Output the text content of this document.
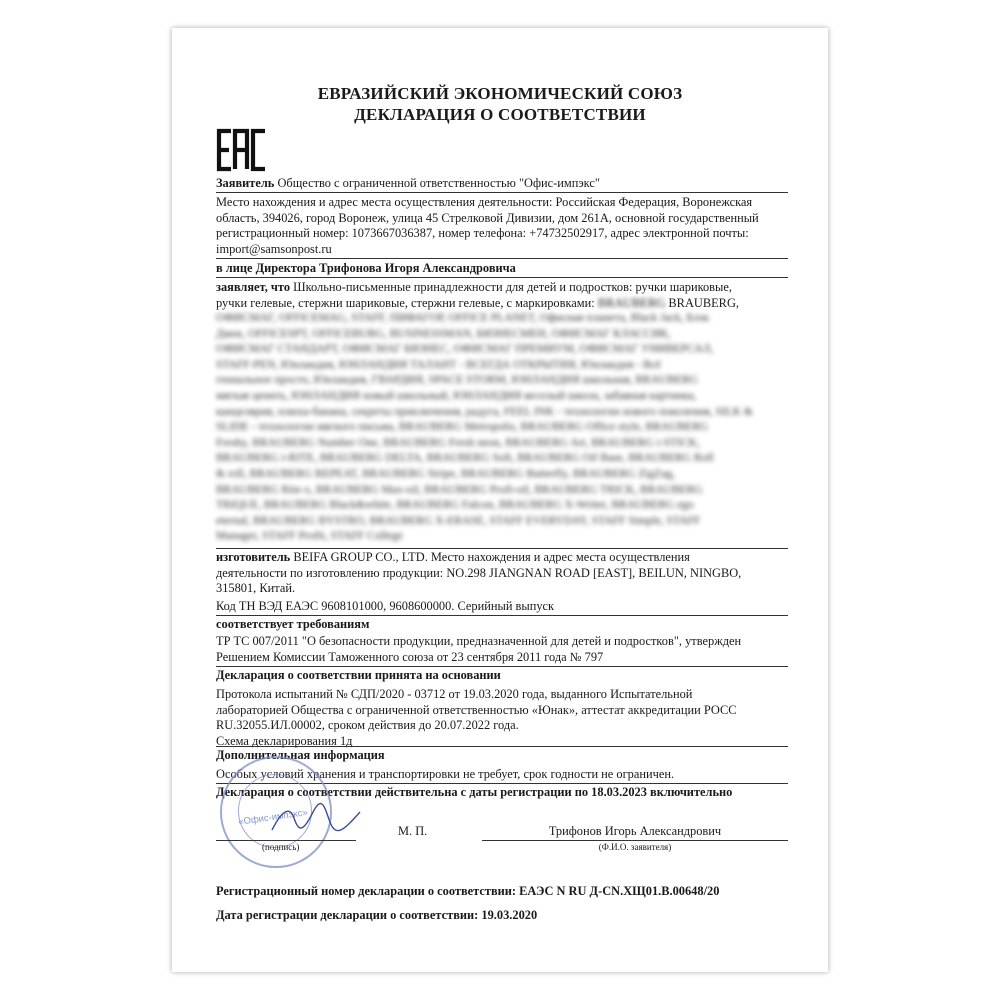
ЕВРАЗИЙСКИЙ ЭКОНОМИЧЕСКИЙ СОЮЗ
ДЕКЛАРАЦИЯ О СООТВЕТСТВИИ
Заявитель Общество с ограниченной ответственностью "Офис-импэкс"
Место нахождения и адрес места осуществления деятельности: Российская Федерация, Воронежская
область, 394026, город Воронеж, улица 45 Стрелковой Дивизии, дом 261А, основной государственный
регистрационный номер: 1073667036387, номер телефона: +74732502917, адрес электронной почты:
import@samsonpost.ru
в лице Директора Трифонова Игоря Александровича
заявляет, что Школьно-письменные принадлежности для детей и подростков: ручки шариковые,
ручки гелевые, стержни шариковые, стержни гелевые, с маркировками: BRAUBERG BRAUBERG,
ОФИСМАГ, OFFICEMAG, STAFF, ПИФАГОР, OFFICE PLANET, Офисная планета, Black Jack, Блэк
Джек, OFFICESPT, OFFICEBURG, BUSINESSMAN, БИЗНЕСМЕН, ОФИСМАГ КЛАССИК,
ОФИСМАГ СТАНДАРТ, ОФИСМАГ БИЗНЕС, ОФИСМАГ ПРЕМИУМ, ОФИСМАГ УНИВЕРСАЛ,
STAFF-PEN, Юнландия, ЮНЛАНДИЯ ТАЛАНТ - ВСЕГДА ОТКРЫТИЯ, Юнландия - Всё
гениальное просто, Юнландия, ГВАРДИЯ, SPACE STORM, ЮНЛАНДИЯ школьная, BRAUBERG
мягкая ценить, ЮНЛАНДИЯ новый школьный, ЮНЛАНДИЯ веселый школа, забавная картинка,
канцелярия, плюха-банана, секреты приключения, радуга, FEEL INK - технологии нового поколения, SILK &
SLIDE - технологии мягкого письма, BRAUBERG Metropolis, BRAUBERG Office style, BRAUBERG
Freshy, BRAUBERG Number One, BRAUBERG Fresh neon, BRAUBERG Art, BRAUBERG i-STICK,
BRAUBERG i-RITE, BRAUBERG DELTA, BRAUBERG Soft, BRAUBERG Oil Base, BRAUBERG Roll
& roll, BRAUBERG REPEAT, BRAUBERG Stripe, BRAUBERG Butterfly, BRAUBERG ZigZag,
BRAUBERG Rite-x, BRAUBERG Max-oil, BRAUBERG Profi-oil, BRAUBERG TRICK, BRAUBERG
TRIQUE, BRAUBERG Black&white, BRAUBERG Falcon, BRAUBERG X-Writer, BRAUBERG ego
eternal, BRAUBERG BYSTRO, BRAUBERG X-ERASE, STAFF EVERYDAY, STAFF Simple, STAFF
Manager, STAFF Profit, STAFF College
изготовитель BEIFA GROUP CO., LTD. Место нахождения и адрес места осуществления
деятельности по изготовлению продукции: NO.298 JIANGNAN ROAD [EAST], BEILUN, NINGBO,
315801, Китай.
Код ТН ВЭД ЕАЭС 9608101000, 9608600000. Серийный выпуск
соответствует требованиям
ТР ТС 007/2011 "О безопасности продукции, предназначенной для детей и подростков", утвержден
Решением Комиссии Таможенного союза от 23 сентября 2011 года № 797
Декларация о соответствии принята на основании
Протокола испытаний № СДП/2020 - 03712 от 19.03.2020 года, выданного Испытательной
лабораторией Общества с ограниченной ответственностью «Юнак», аттестат аккредитации РОСС
RU.32055.ИЛ.00002, сроком действия до 20.07.2022 года.
Схема декларирования 1д
Дополнительная информация
Особых условий хранения и транспортировки не требует, срок годности не ограничен.
Декларация о соответствии действительна с даты регистрации по 18.03.2023 включительно
«Офис-импэкс»
(подпись)
М. П.	Трифонов Игорь Александрович
(Ф.И.О. заявителя)
Регистрационный номер декларации о соответствии: ЕАЭС N RU Д-CN.ХЩ01.В.00648/20
Дата регистрации декларации о соответствии: 19.03.2020
